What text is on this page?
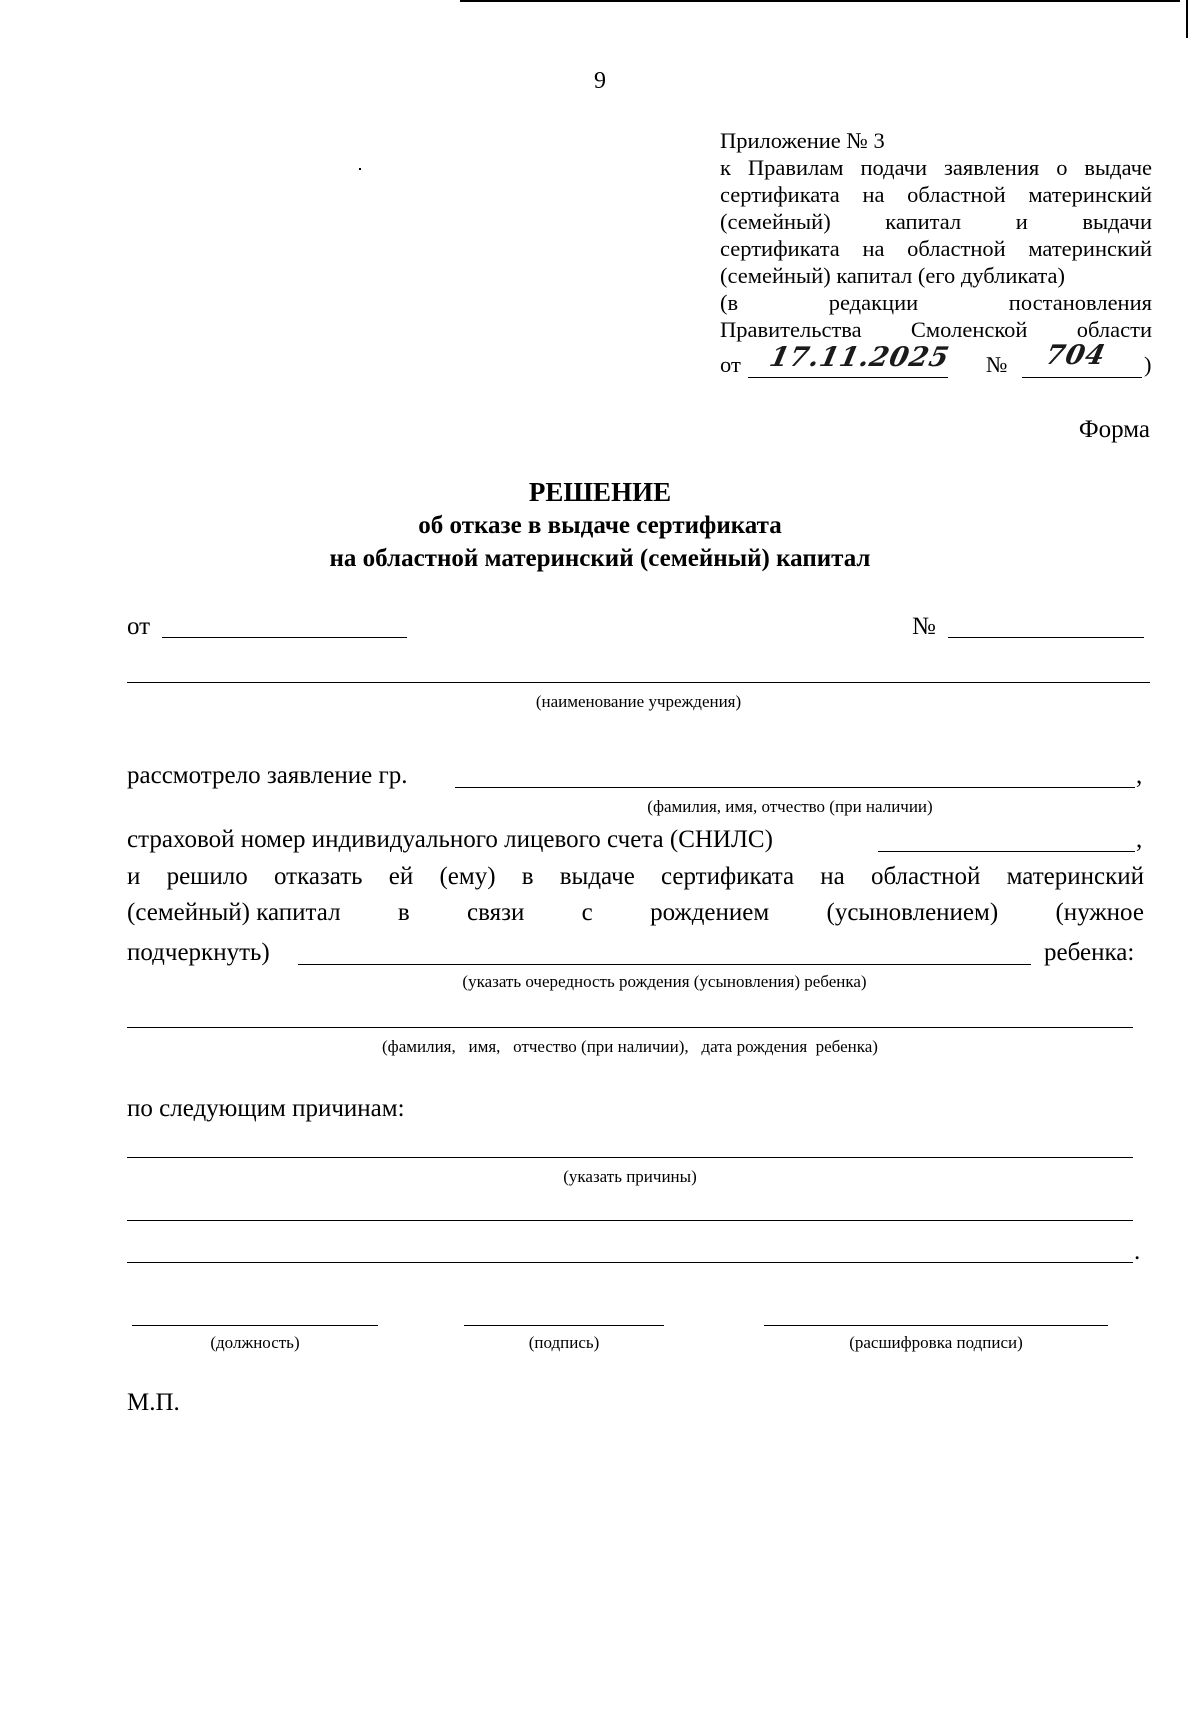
9

Приложение № 3

к Правилам подачи заявления о выдаче

сертификата на областной материнский

(семейный) капитал и выдачи

сертификата на областной материнский

(семейный) капитал (его дубликата)

(в редакции постановления

Правительства Смоленской области

от 17.11.2025 № 704 )
Форма
РЕШЕНИЕ
об отказе в выдаче сертификата
на областной материнский (семейный) капитал
от	№
(наименование учреждения)
рассмотрело заявление гр.	,
(фамилия, имя, отчество (при наличии)
страховой номер индивидуального лицевого счета (СНИЛС)	,
и решило отказать ей (ему) в выдаче сертификата на областной материнский
(семейный) капитал в связи с рождением (усыновлением) (нужное
подчеркнуть)	ребенка:
(указать очередность рождения (усыновления) ребенка)
(фамилия,   имя,   отчество (при наличии),   дата рождения  ребенка)
по следующим причинам:
(указать причины)
.
(должность)	(подпись)	(расшифровка подписи)
М.П.
